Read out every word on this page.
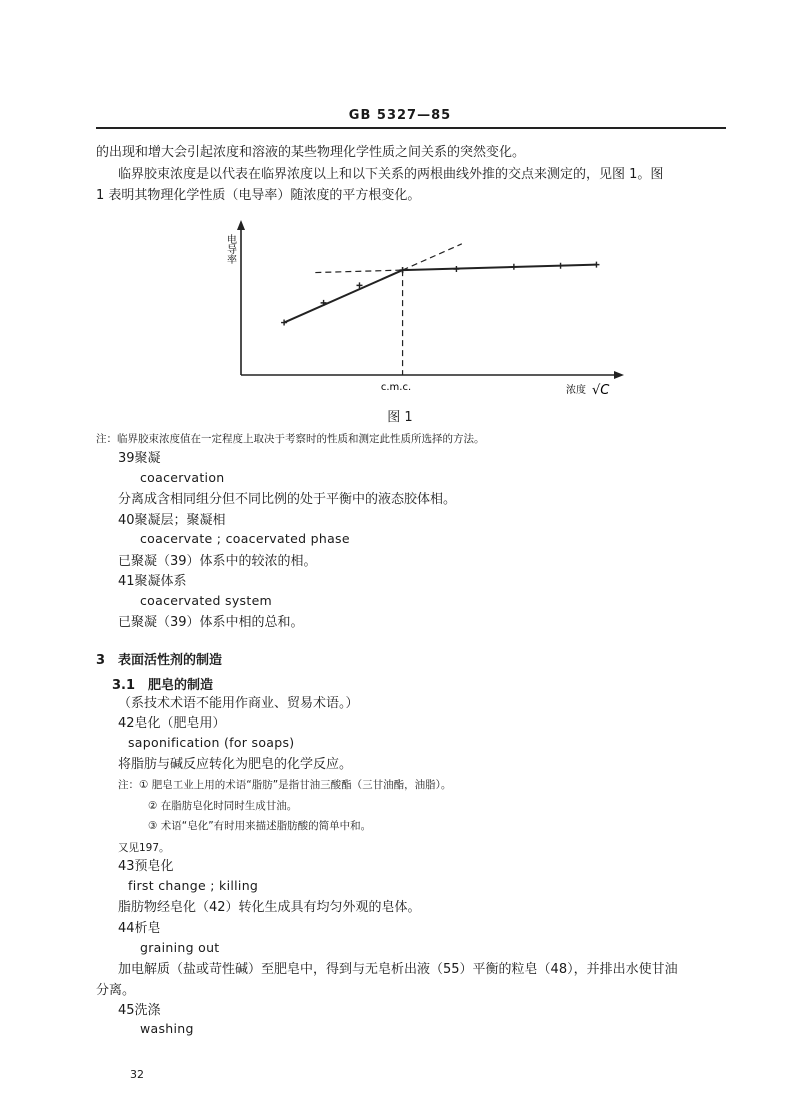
GB 5327—85
的出现和增大会引起浓度和溶液的某些物理化学性质之间关系的突然变化。
临界胶束浓度是以代表在临界浓度以上和以下关系的两根曲线外推的交点来测定的，见图 1。图
1 表明其物理化学性质（电导率）随浓度的平方根变化。
电导率
c.m.c.	浓度 √C
图 1
注：临界胶束浓度值在一定程度上取决于考察时的性质和测定此性质所选择的方法。
39聚凝
coacervation
分离成含相同组分但不同比例的处于平衡中的液态胶体相。
40聚凝层；聚凝相
coacervate ; coacervated phase
已聚凝（39）体系中的较浓的相。
41聚凝体系
coacervated system
已聚凝（39）体系中相的总和。
3　表面活性剂的制造
3.1　肥皂的制造
（系技术术语不能用作商业、贸易术语。）
42皂化（肥皂用）
saponification (for soaps)
将脂肪与碱反应转化为肥皂的化学反应。
注：① 肥皂工业上用的术语“脂肪”是指甘油三酸酯（三甘油酯，油脂）。
② 在脂肪皂化时同时生成甘油。
③ 术语“皂化”有时用来描述脂肪酸的简单中和。
又见197。
43预皂化
first change ; killing
脂肪物经皂化（42）转化生成具有均匀外观的皂体。
44析皂
graining out
加电解质（盐或苛性碱）至肥皂中，得到与无皂析出液（55）平衡的粒皂（48），并排出水使甘油
分离。
45洗涤
washing
32
